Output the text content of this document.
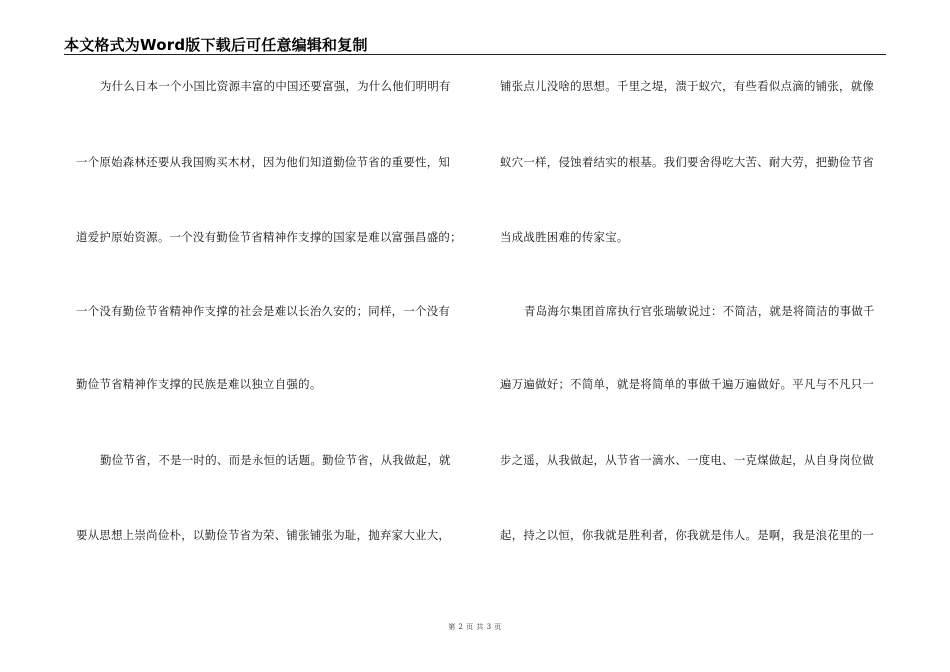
本文格式为Word版下载后可任意编辑和复制
为什么日本一个小国比资源丰富的中国还要富强，为什么他们明明有
一个原始森林还要从我国购买木材，因为他们知道勤俭节省的重要性，知
道爱护原始资源。一个没有勤俭节省精神作支撑的国家是难以富强昌盛的；
一个没有勤俭节省精神作支撑的社会是难以长治久安的；同样，一个没有
勤俭节省精神作支撑的民族是难以独立自强的。
勤俭节省，不是一时的、而是永恒的话题。勤俭节省，从我做起，就
要从思想上崇尚俭朴，以勤俭节省为荣、铺张铺张为耻，抛弃家大业大，
铺张点儿没啥的思想。千里之堤，溃于蚁穴，有些看似点滴的铺张，就像
蚁穴一样，侵蚀着结实的根基。我们要舍得吃大苦、耐大劳，把勤俭节省
当成战胜困难的传家宝。
青岛海尔集团首席执行官张瑞敏说过：不简洁，就是将简洁的事做千
遍万遍做好；不简单，就是将简单的事做千遍万遍做好。平凡与不凡只一
步之遥，从我做起，从节省一滴水、一度电、一克煤做起，从自身岗位做
起，持之以恒，你我就是胜利者，你我就是伟人。是啊，我是浪花里的一
第 2 页 共 3 页
